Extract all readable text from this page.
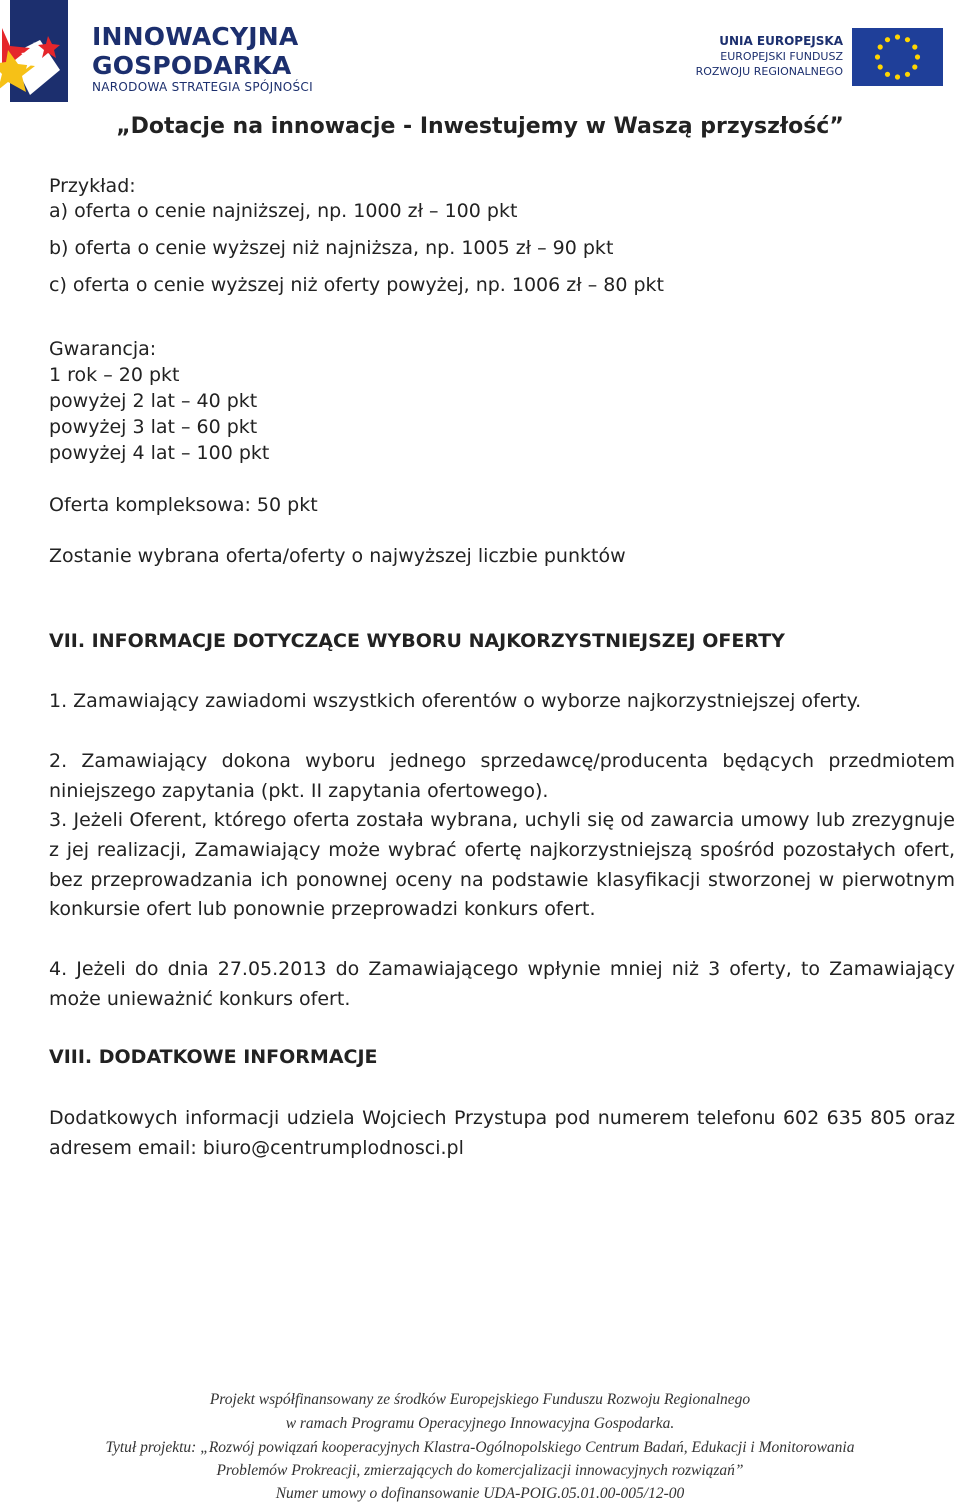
INNOWACYJNA
GOSPODARKA
NARODOWA STRATEGIA SPÓJNOŚCI
UNIA EUROPEJSKA
EUROPEJSKI FUNDUSZ
ROZWOJU REGIONALNEGO
„Dotacje na innowacje - Inwestujemy w Waszą przyszłość”
Przykład:
a) oferta o cenie najniższej, np. 1000 zł – 100 pkt
b) oferta o cenie wyższej niż najniższa, np. 1005 zł – 90 pkt
c) oferta o cenie wyższej niż oferty powyżej, np. 1006 zł – 80 pkt
Gwarancja:
1 rok – 20 pkt
powyżej 2 lat – 40 pkt
powyżej 3 lat – 60 pkt
powyżej 4 lat – 100 pkt
Oferta kompleksowa: 50 pkt
Zostanie wybrana oferta/oferty o najwyższej liczbie punktów
VII. INFORMACJE DOTYCZĄCE WYBORU NAJKORZYSTNIEJSZEJ OFERTY
1. Zamawiający zawiadomi wszystkich oferentów o wyborze najkorzystniejszej oferty.
2. Zamawiający dokona wyboru jednego sprzedawcę/producenta będących przedmiotem niniejszego zapytania (pkt. II zapytania ofertowego).
3. Jeżeli Oferent, którego oferta została wybrana, uchyli się od zawarcia umowy lub zrezygnuje z jej realizacji, Zamawiający może wybrać ofertę najkorzystniejszą spośród pozostałych ofert, bez przeprowadzania ich ponownej oceny na podstawie klasyfikacji stworzonej w pierwotnym konkursie ofert lub ponownie przeprowadzi konkurs ofert.
4. Jeżeli do dnia 27.05.2013 do Zamawiającego wpłynie mniej niż 3 oferty, to Zamawiający może unieważnić konkurs ofert.
VIII. DODATKOWE INFORMACJE
Dodatkowych informacji udziela Wojciech Przystupa pod numerem telefonu 602 635 805 oraz adresem email: biuro@centrumplodnosci.pl
Projekt współfinansowany ze środków Europejskiego Funduszu Rozwoju Regionalnego
w ramach Programu Operacyjnego Innowacyjna Gospodarka.
Tytuł projektu: „Rozwój powiązań kooperacyjnych Klastra-Ogólnopolskiego Centrum Badań, Edukacji i Monitorowania
Problemów Prokreacji, zmierzających do komercjalizacji innowacyjnych rozwiązań”
Numer umowy o dofinansowanie UDA-POIG.05.01.00-005/12-00
